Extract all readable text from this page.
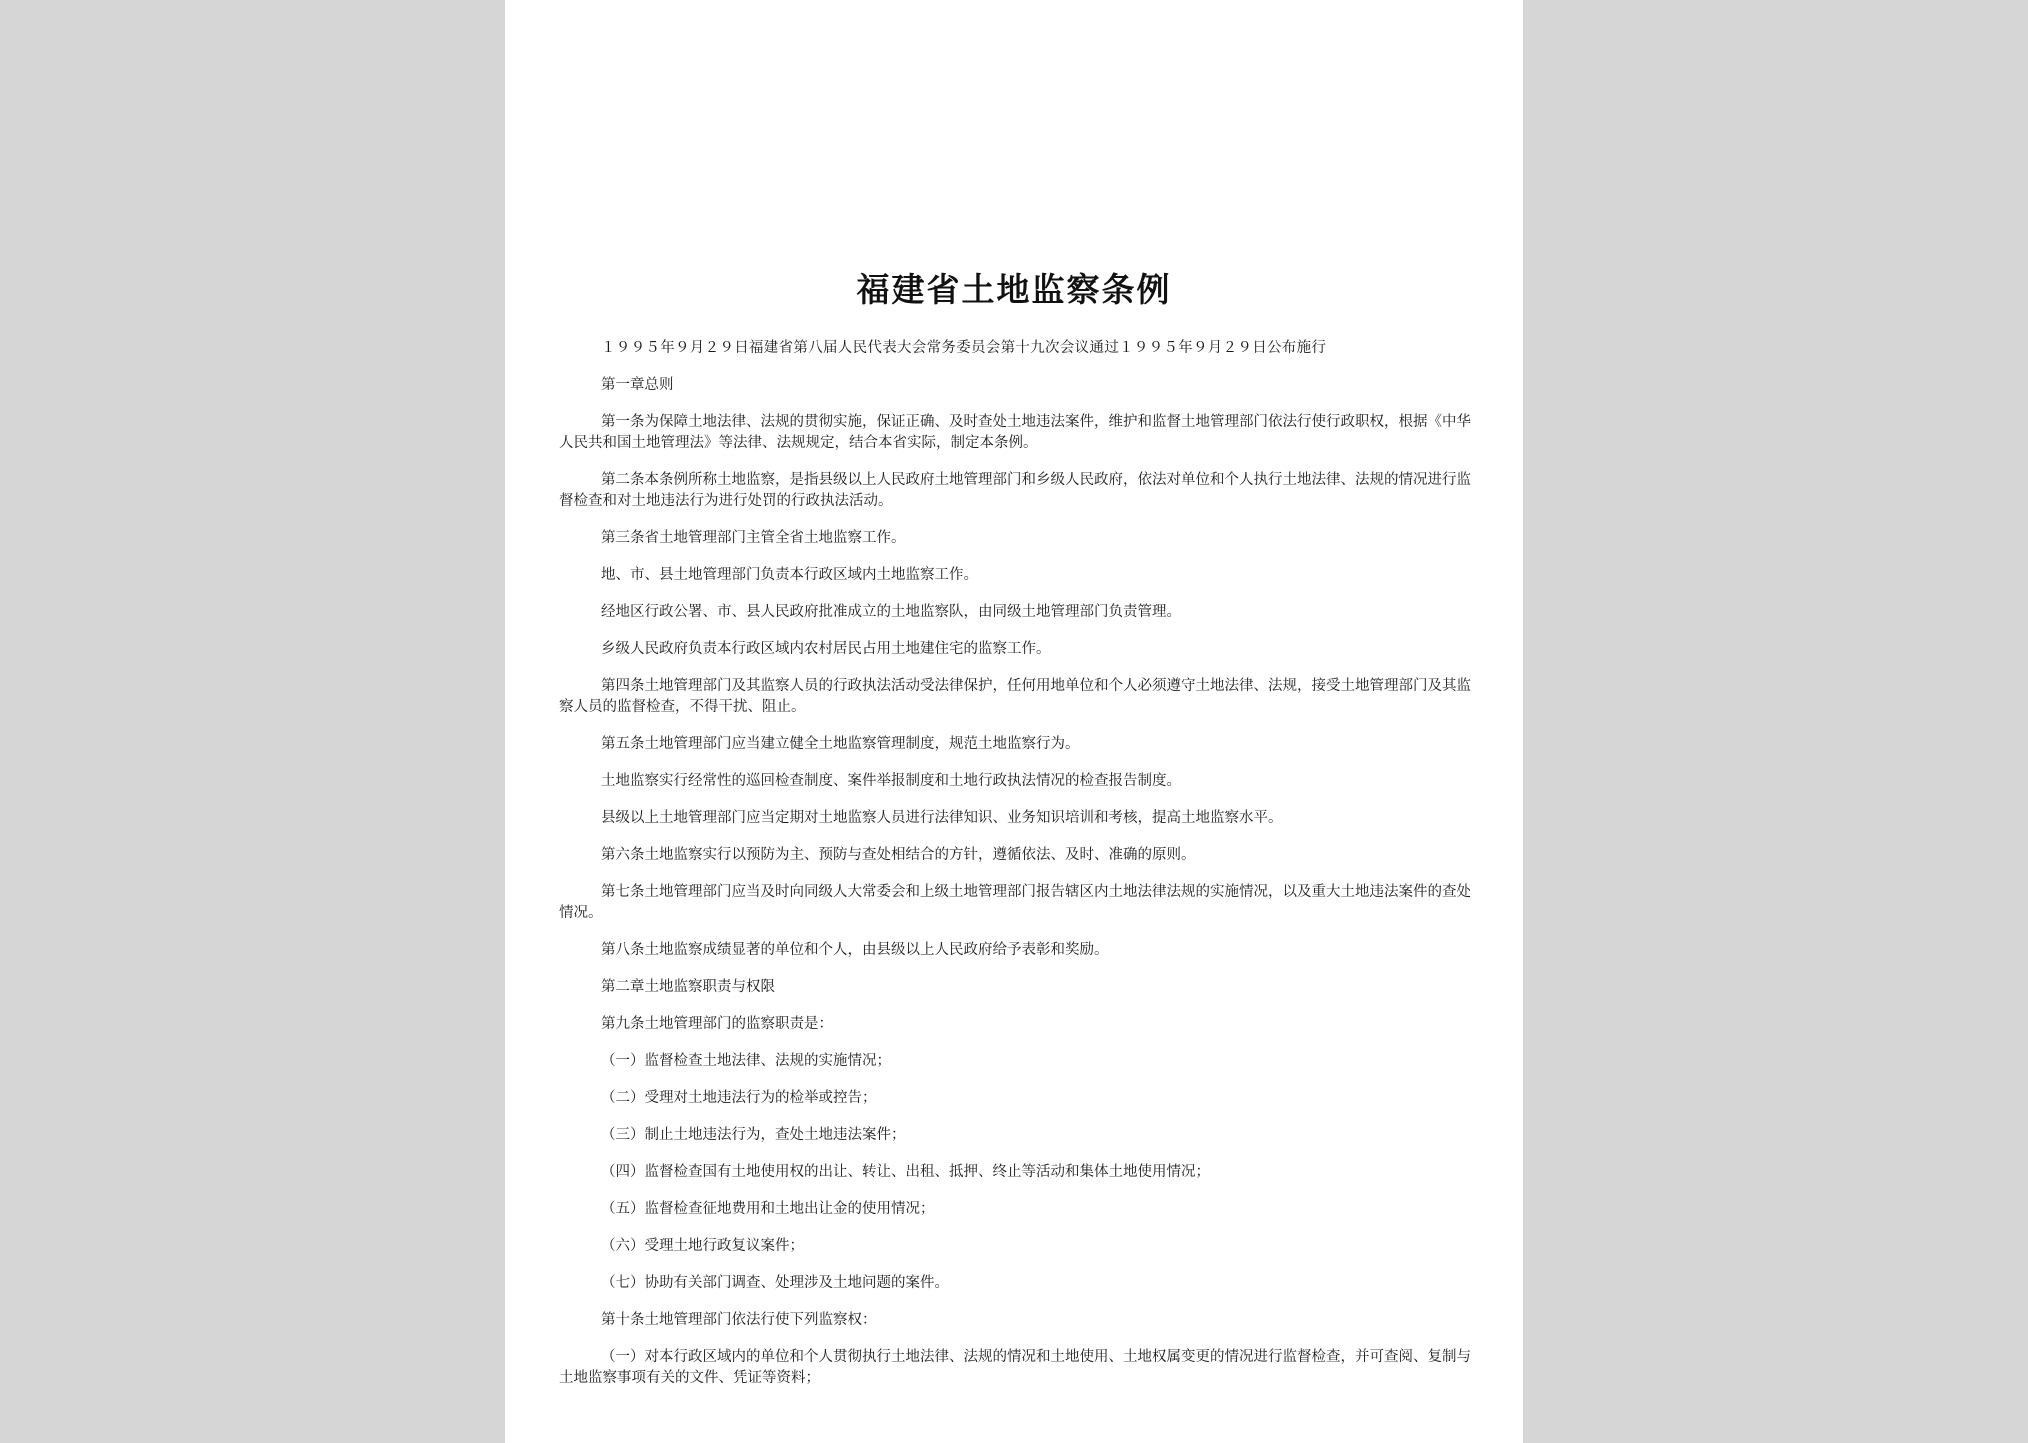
福建省土地监察条例

１９９５年９月２９日福建省第八届人民代表大会常务委员会第十九次会议通过１９９５年９月２９日公布施行

第一章总则

第一条为保障土地法律、法规的贯彻实施，保证正确、及时查处土地违法案件，维护和监督土地管理部门依法行使行政职权，根据《中华人民共和国土地管理法》等法律、法规规定，结合本省实际，制定本条例。

第二条本条例所称土地监察，是指县级以上人民政府土地管理部门和乡级人民政府，依法对单位和个人执行土地法律、法规的情况进行监督检查和对土地违法行为进行处罚的行政执法活动。

第三条省土地管理部门主管全省土地监察工作。

地、市、县土地管理部门负责本行政区域内土地监察工作。

经地区行政公署、市、县人民政府批准成立的土地监察队，由同级土地管理部门负责管理。

乡级人民政府负责本行政区域内农村居民占用土地建住宅的监察工作。

第四条土地管理部门及其监察人员的行政执法活动受法律保护，任何用地单位和个人必须遵守土地法律、法规，接受土地管理部门及其监察人员的监督检查，不得干扰、阻止。

第五条土地管理部门应当建立健全土地监察管理制度，规范土地监察行为。

土地监察实行经常性的巡回检查制度、案件举报制度和土地行政执法情况的检查报告制度。

县级以上土地管理部门应当定期对土地监察人员进行法律知识、业务知识培训和考核，提高土地监察水平。

第六条土地监察实行以预防为主、预防与查处相结合的方针，遵循依法、及时、准确的原则。

第七条土地管理部门应当及时向同级人大常委会和上级土地管理部门报告辖区内土地法律法规的实施情况，以及重大土地违法案件的查处情况。

第八条土地监察成绩显著的单位和个人，由县级以上人民政府给予表彰和奖励。

第二章土地监察职责与权限

第九条土地管理部门的监察职责是：

（一）监督检查土地法律、法规的实施情况；

（二）受理对土地违法行为的检举或控告；

（三）制止土地违法行为，查处土地违法案件；

（四）监督检查国有土地使用权的出让、转让、出租、抵押、终止等活动和集体土地使用情况；

（五）监督检查征地费用和土地出让金的使用情况；

（六）受理土地行政复议案件；

（七）协助有关部门调查、处理涉及土地问题的案件。

第十条土地管理部门依法行使下列监察权：

（一）对本行政区域内的单位和个人贯彻执行土地法律、法规的情况和土地使用、土地权属变更的情况进行监督检查，并可查阅、复制与土地监察事项有关的文件、凭证等资料；
